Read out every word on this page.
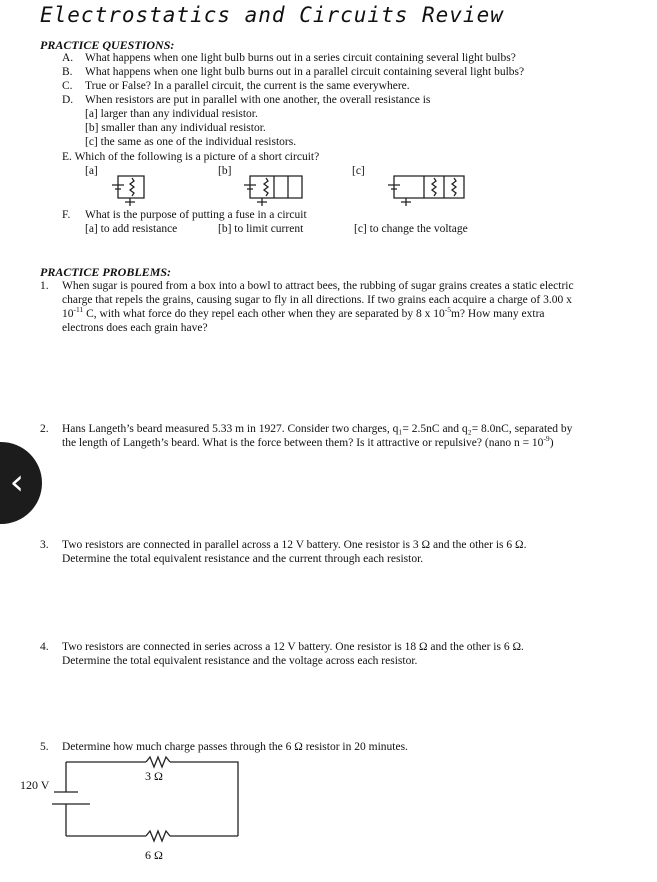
Electrostatics and Circuits Review
PRACTICE QUESTIONS:
A. What happens when one light bulb burns out in a series circuit containing several light bulbs?
B. What happens when one light bulb burns out in a parallel circuit containing several light bulbs?
C. True or False? In a parallel circuit, the current is the same everywhere.
D. When resistors are put in parallel with one another, the overall resistance is
[a] larger than any individual resistor.
[b] smaller than any individual resistor.
[c] the same as one of the individual resistors.
E. Which of the following is a picture of a short circuit?
[a]	[b]	[c]
F. What is the purpose of putting a fuse in a circuit
[a] to add resistance	[b] to limit current	[c] to change the voltage
PRACTICE PROBLEMS:
1. When sugar is poured from a box into a bowl to attract bees, the rubbing of sugar grains creates a static electric
charge that repels the grains, causing sugar to fly in all directions. If two grains each acquire a charge of 3.00 x
$10^{-11}$ C, with what force do they repel each other when they are separated by 8 x $10^{-5}m$? How many extra
electrons does each grain have?
2. Hans Langeth’s beard measured 5.33 m in 1927. Consider two charges, q₁= 2.5nC and q₂= 8.0nC, separated by
the length of Langeth’s beard. What is the force between them? Is it attractive or repulsive? (nano $n = 10^{-9}$)
3. Two resistors are connected in parallel across a 12 V battery. One resistor is 3 Ω and the other is 6 Ω.
Determine the total equivalent resistance and the current through each resistor.
4. Two resistors are connected in series across a 12 V battery. One resistor is 18 Ω and the other is 6 Ω.
Determine the total equivalent resistance and the voltage across each resistor.
5. Determine how much charge passes through the 6 Ω resistor in 20 minutes.
120 V
3 Ω
6 Ω
‹
